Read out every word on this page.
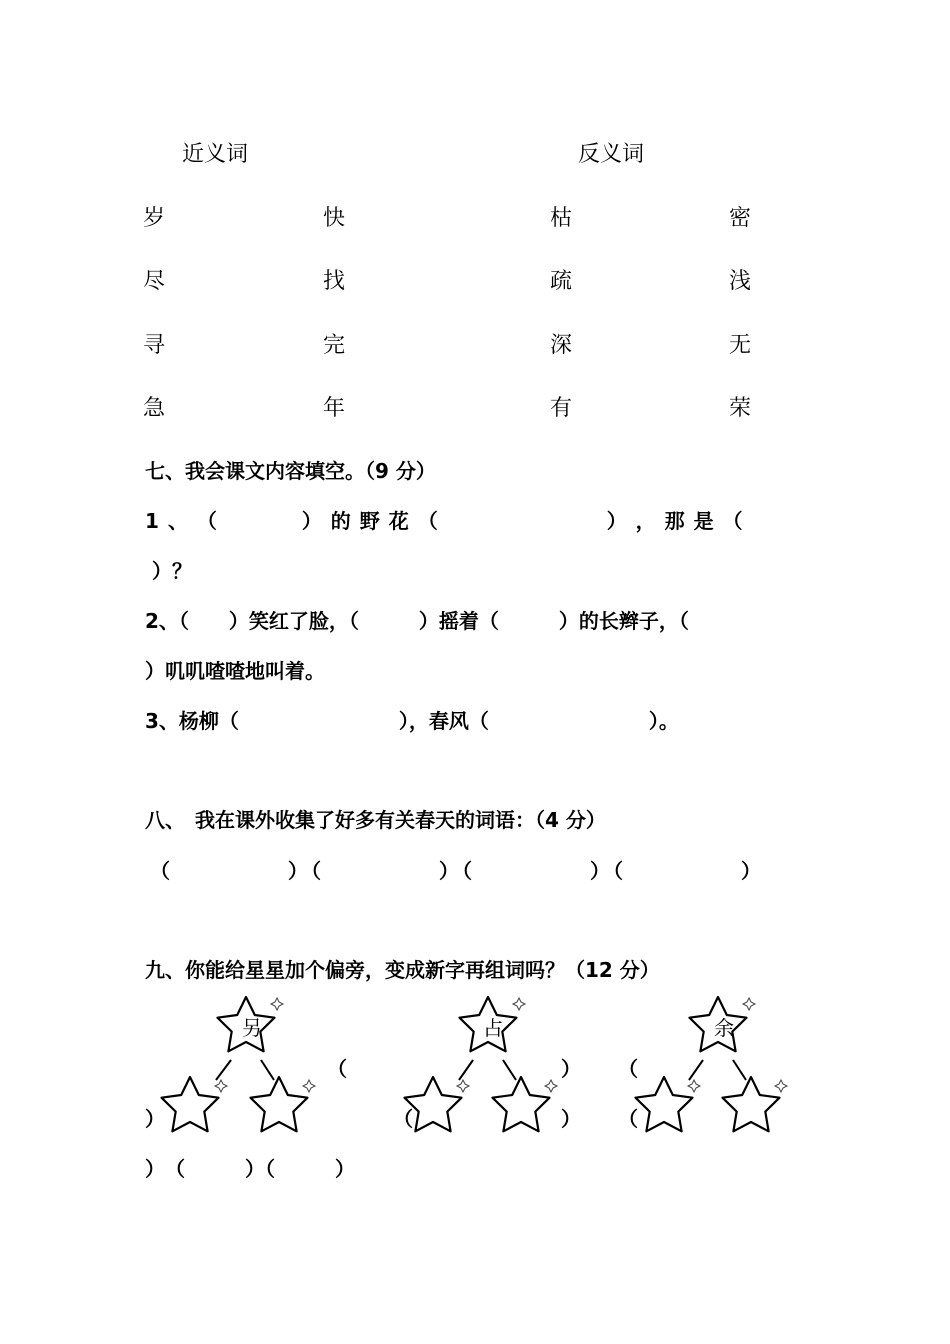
近义词	反义词
岁	快	枯	密
尽	找	疏	浅
寻	完	深	无
急	年	有	荣
七、我会课文内容填空。（9 分）
1 、 （　　　　） 的 野 花 （　　　　　　　　） ， 那 是 （
）？
2、（　　）笑红了脸，（　　　）摇着（　　　）的长辫子，（
）叽叽喳喳地叫着。
3、杨柳（　　　　　　　　），春风（　　　　　　　　）。
八、　我在课外收集了好多有关春天的词语：（4 分）
（　　　　　）（　　　　　）（　　　　　）（　　　　　）
九、你能给星星加个偏旁，变成新字再组词吗？（12 分）
另	占	余
（	） （
）	（	） （
）　（　　　）（　　　）
